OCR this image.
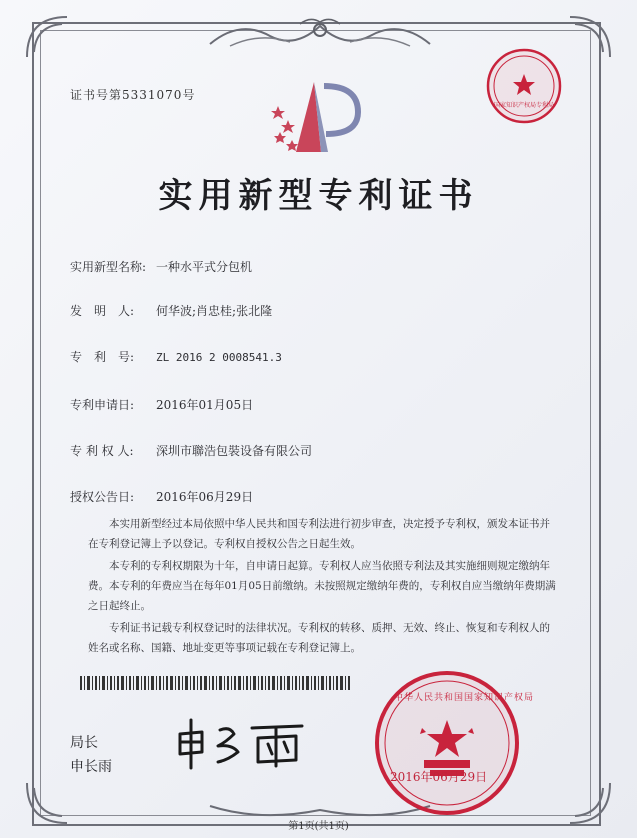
证书号第5331070号
国家知识产权局专利局
实用新型专利证书
实用新型名称: 一种水平式分包机
发　明　人: 何华波;肖忠桂;张北隆
专　利　号: ZL 2016 2 0008541.3
专利申请日: 2016年01月05日
专 利 权 人: 深圳市聯浩包裝设备有限公司
授权公告日: 2016年06月29日
本实用新型经过本局依照中华人民共和国专利法进行初步审查，决定授予专利权，颁发本证书并在专利登记簿上予以登记。专利权自授权公告之日起生效。
本专利的专利权期限为十年，自申请日起算。专利权人应当依照专利法及其实施细则规定缴纳年费。本专利的年费应当在每年01月05日前缴纳。未按照规定缴纳年费的，专利权自应当缴纳年费期满之日起终止。
专利证书记载专利权登记时的法律状况。专利权的转移、质押、无效、终止、恢复和专利权人的姓名或名称、国籍、地址变更等事项记载在专利登记簿上。
局长
申长雨
中华人民共和国国家知识产权局
2016年06月29日
第1页(共1页)
